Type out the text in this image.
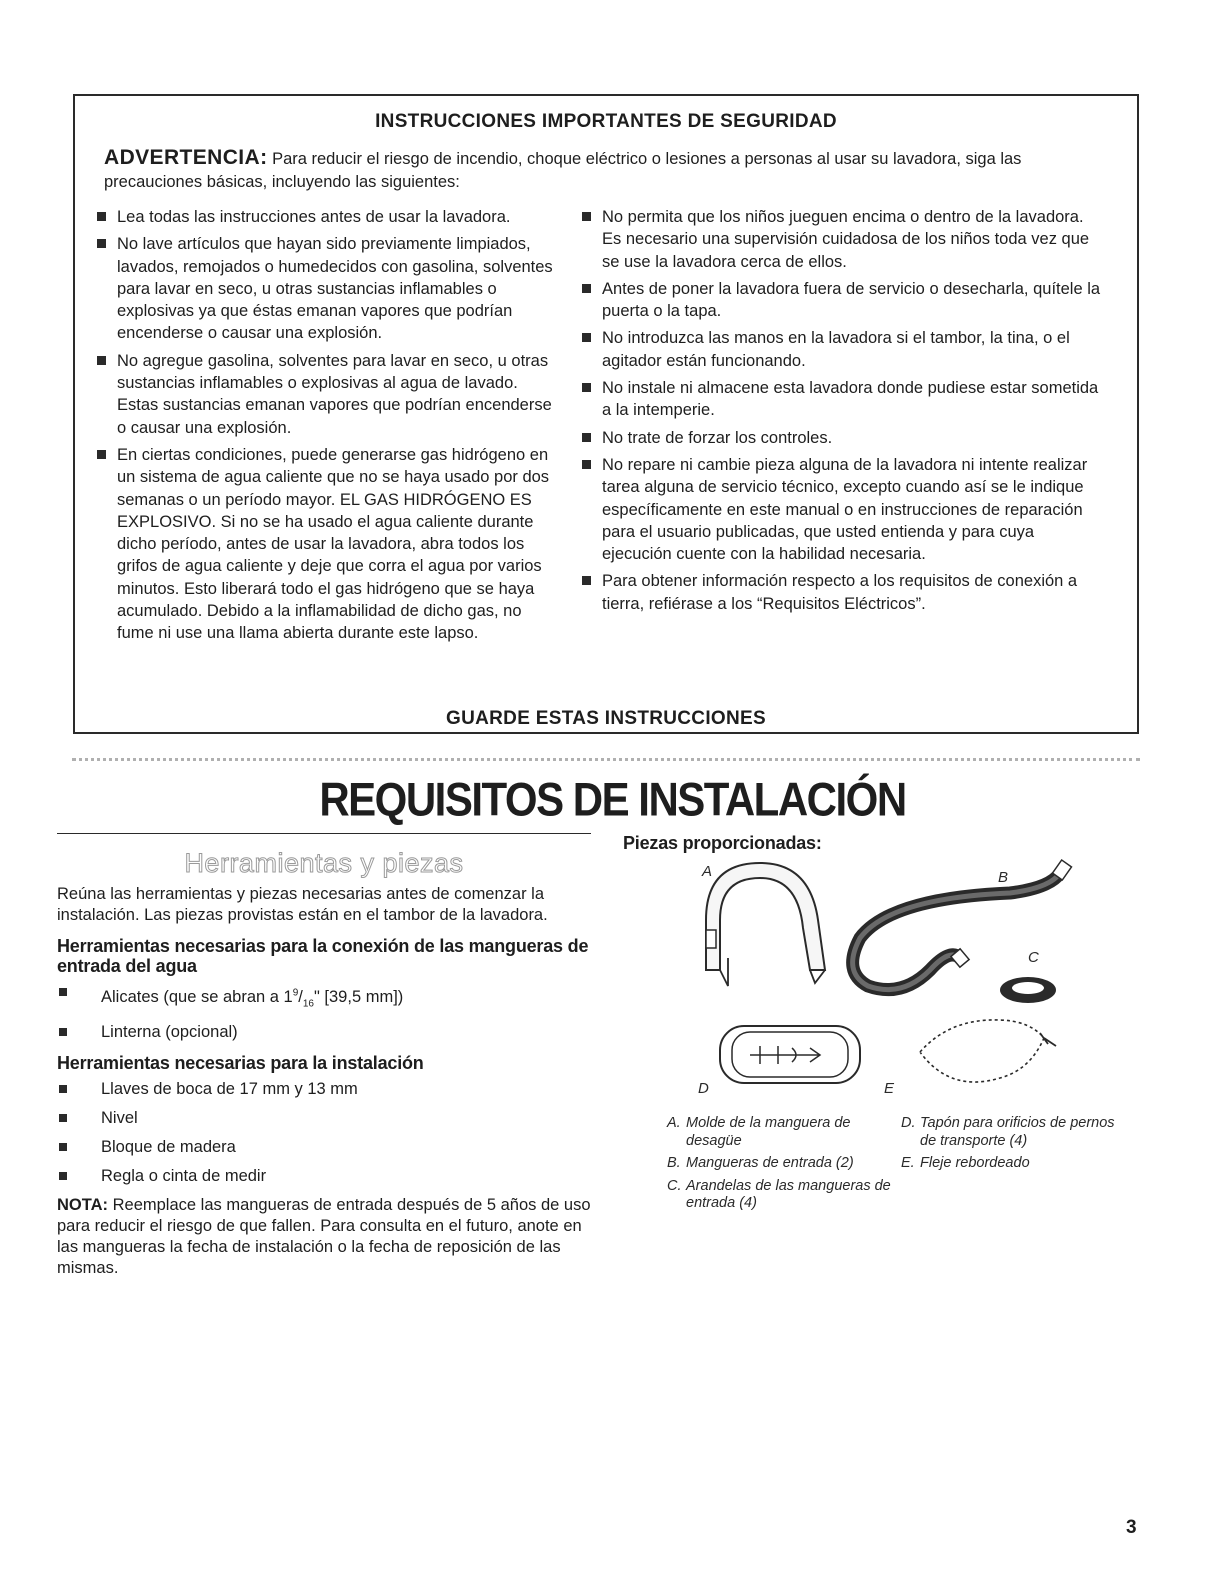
INSTRUCCIONES IMPORTANTES DE SEGURIDAD
ADVERTENCIA: Para reducir el riesgo de incendio, choque eléctrico o lesiones a personas al usar su lavadora, siga las precauciones básicas, incluyendo las siguientes:
Lea todas las instrucciones antes de usar la lavadora.
No lave artículos que hayan sido previamente limpiados, lavados, remojados o humedecidos con gasolina, solventes para lavar en seco, u otras sustancias inflamables o explosivas ya que éstas emanan vapores que podrían encenderse o causar una explosión.
No agregue gasolina, solventes para lavar en seco, u otras sustancias inflamables o explosivas al agua de lavado. Estas sustancias emanan vapores que podrían encenderse o causar una explosión.
En ciertas condiciones, puede generarse gas hidrógeno en un sistema de agua caliente que no se haya usado por dos semanas o un período mayor. EL GAS HIDRÓGENO ES EXPLOSIVO. Si no se ha usado el agua caliente durante dicho período, antes de usar la lavadora, abra todos los grifos de agua caliente y deje que corra el agua por varios minutos. Esto liberará todo el gas hidrógeno que se haya acumulado. Debido a la inflamabilidad de dicho gas, no fume ni use una llama abierta durante este lapso.
No permita que los niños jueguen encima o dentro de la lavadora. Es necesario una supervisión cuidadosa de los niños toda vez que se use la lavadora cerca de ellos.
Antes de poner la lavadora fuera de servicio o desecharla, quítele la puerta o la tapa.
No introduzca las manos en la lavadora si el tambor, la tina, o el agitador están funcionando.
No instale ni almacene esta lavadora donde pudiese estar sometida a la intemperie.
No trate de forzar los controles.
No repare ni cambie pieza alguna de la lavadora ni intente realizar tarea alguna de servicio técnico, excepto cuando así se le indique específicamente en este manual o en instrucciones de reparación para el usuario publicadas, que usted entienda y para cuya ejecución cuente con la habilidad necesaria.
Para obtener información respecto a los requisitos de conexión a tierra, refiérase a los “Requisitos Eléctricos”.
GUARDE ESTAS INSTRUCCIONES
REQUISITOS DE INSTALACIÓN
Herramientas y piezas

Reúna las herramientas y piezas necesarias antes de comenzar la instalación. Las piezas provistas están en el tambor de la lavadora.

Herramientas necesarias para la conexión de las mangueras de entrada del agua

Alicates (que se abran a $1^9/_{16}$" [39,5 mm])
Linterna (opcional)

Herramientas necesarias para la instalación

Llaves de boca de 17 mm y 13 mm
Nivel
Bloque de madera
Regla o cinta de medir

NOTA: Reemplace las mangueras de entrada después de 5 años de uso para reducir el riesgo de que fallen. Para consulta en el futuro, anote en las mangueras la fecha de instalación o la fecha de reposición de las mismas.

Piezas proporcionadas:
A	B
C
D	E
A. Molde de la manguera de desagüe
B. Mangueras de entrada (2)
C. Arandelas de las mangueras de entrada (4)
D. Tapón para orificios de pernos de transporte (4)
E. Fleje rebordeado
3
